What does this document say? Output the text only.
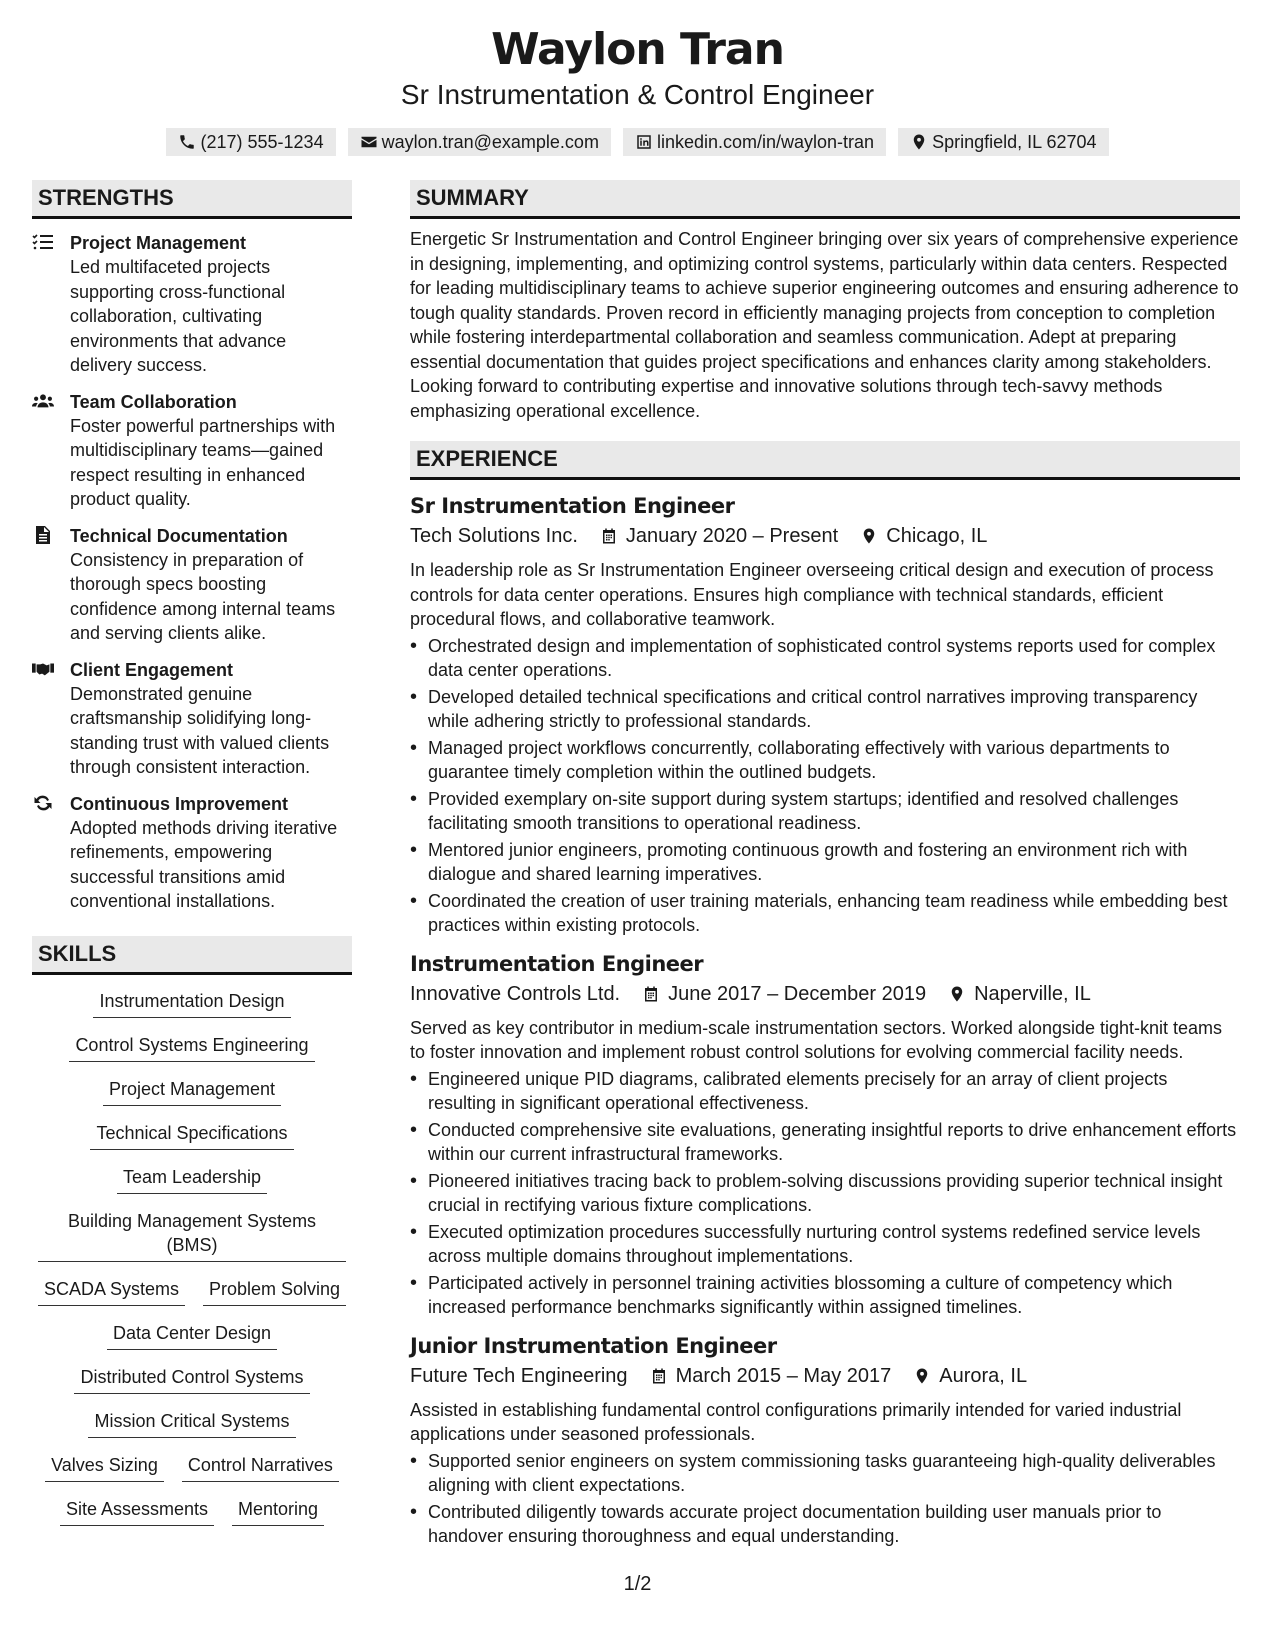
Waylon Tran
Sr Instrumentation & Control Engineer
(217) 555-1234	waylon.tran@example.com	linkedin.com/in/waylon-tran	Springfield, IL 62704
STRENGTHS
Project Management
Led multifaceted projects supporting cross-functional collaboration, cultivating environments that advance delivery success.
Team Collaboration
Foster powerful partnerships with multidisciplinary teams—gained respect resulting in enhanced product quality.
Technical Documentation
Consistency in preparation of thorough specs boosting confidence among internal teams and serving clients alike.
Client Engagement
Demonstrated genuine craftsmanship solidifying long-standing trust with valued clients through consistent interaction.
Continuous Improvement
Adopted methods driving iterative refinements, empowering successful transitions amid conventional installations.
SKILLS
Instrumentation Design
Control Systems Engineering
Project Management
Technical Specifications
Team Leadership
Building Management Systems (BMS)
SCADA Systems	Problem Solving
Data Center Design
Distributed Control Systems
Mission Critical Systems
Valves Sizing	Control Narratives
Site Assessments	Mentoring
SUMMARY

Energetic Sr Instrumentation and Control Engineer bringing over six years of comprehensive experience in designing, implementing, and optimizing control systems, particularly within data centers. Respected for leading multidisciplinary teams to achieve superior engineering outcomes and ensuring adherence to tough quality standards. Proven record in efficiently managing projects from conception to completion while fostering interdepartmental collaboration and seamless communication. Adept at preparing essential documentation that guides project specifications and enhances clarity among stakeholders. Looking forward to contributing expertise and innovative solutions through tech-savvy methods emphasizing operational excellence.

EXPERIENCE
Sr Instrumentation Engineer
Tech Solutions Inc. January 2020 – Present Chicago, IL

In leadership role as Sr Instrumentation Engineer overseeing critical design and execution of process controls for data center operations. Ensures high compliance with technical standards, efficient procedural flows, and collaborative teamwork.

• Orchestrated design and implementation of sophisticated control systems reports used for complex data center operations.
• Developed detailed technical specifications and critical control narratives improving transparency while adhering strictly to professional standards.
• Managed project workflows concurrently, collaborating effectively with various departments to guarantee timely completion within the outlined budgets.
• Provided exemplary on-site support during system startups; identified and resolved challenges facilitating smooth transitions to operational readiness.
• Mentored junior engineers, promoting continuous growth and fostering an environment rich with dialogue and shared learning imperatives.
• Coordinated the creation of user training materials, enhancing team readiness while embedding best practices within existing protocols.
Instrumentation Engineer
Innovative Controls Ltd. June 2017 – December 2019 Naperville, IL

Served as key contributor in medium-scale instrumentation sectors. Worked alongside tight-knit teams to foster innovation and implement robust control solutions for evolving commercial facility needs.

• Engineered unique PID diagrams, calibrated elements precisely for an array of client projects resulting in significant operational effectiveness.
• Conducted comprehensive site evaluations, generating insightful reports to drive enhancement efforts within our current infrastructural frameworks.
• Pioneered initiatives tracing back to problem-solving discussions providing superior technical insight crucial in rectifying various fixture complications.
• Executed optimization procedures successfully nurturing control systems redefined service levels across multiple domains throughout implementations.
• Participated actively in personnel training activities blossoming a culture of competency which increased performance benchmarks significantly within assigned timelines.
Junior Instrumentation Engineer
Future Tech Engineering March 2015 – May 2017 Aurora, IL

Assisted in establishing fundamental control configurations primarily intended for varied industrial applications under seasoned professionals.

• Supported senior engineers on system commissioning tasks guaranteeing high-quality deliverables aligning with client expectations.
• Contributed diligently towards accurate project documentation building user manuals prior to handover ensuring thoroughness and equal understanding.
1/2
